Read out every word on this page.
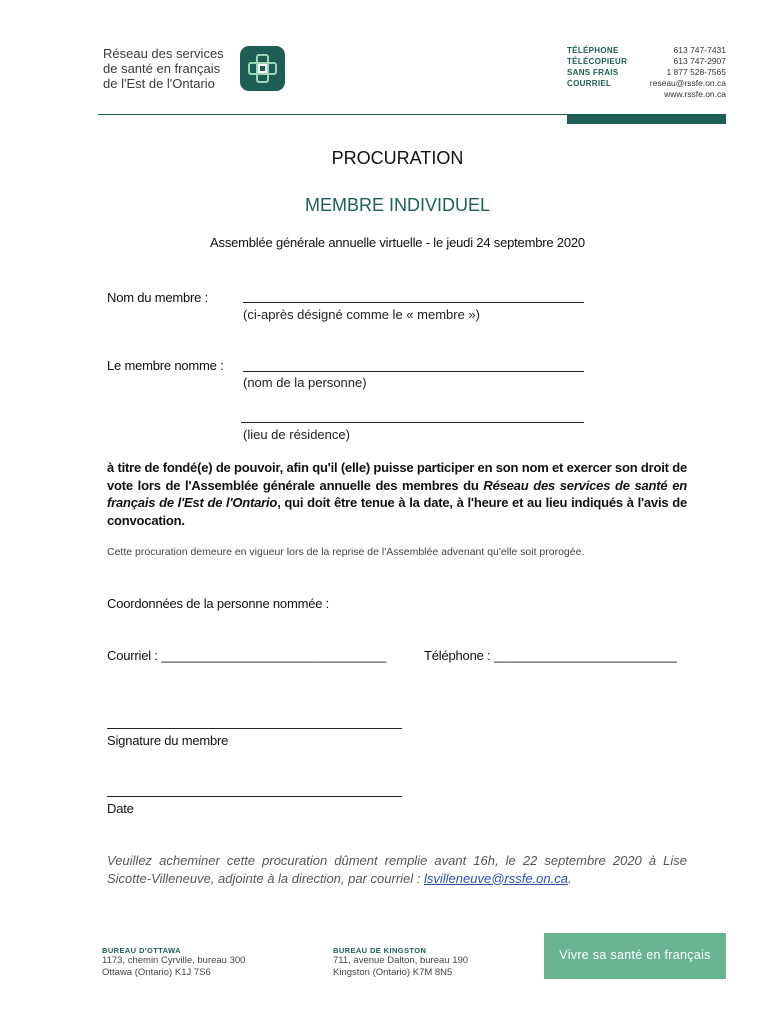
Réseau des services
de santé en français
de l'Est de l'Ontario
TÉLÉPHONE
TÉLÉCOPIEUR
SANS FRAIS
COURRIEL
613 747-7431
613 747-2907
1 877 528-7565
reseau@rssfe.on.ca
www.rssfe.on.ca
PROCURATION
MEMBRE INDIVIDUEL
Assemblée générale annuelle virtuelle - le jeudi 24 septembre 2020
Nom du membre :
(ci-après désigné comme le « membre »)
Le membre nomme :
(nom de la personne)
(lieu de résidence)
à titre de fondé(e) de pouvoir, afin qu'il (elle) puisse participer en son nom et exercer son droit de vote lors de l'Assemblée générale annuelle des membres du Réseau des services de santé en français de l'Est de l'Ontario, qui doit être tenue à la date, à l'heure et au lieu indiqués à l'avis de convocation.
Cette procuration demeure en vigueur lors de la reprise de l'Assemblée advenant qu'elle soit prorogée.
Coordonnées de la personne nommée :
Courriel : ________________________________	Téléphone : __________________________
Signature du membre
Date
Veuillez acheminer cette procuration dûment remplie avant 16h, le 22 septembre 2020 à Lise Sicotte-Villeneuve, adjointe à la direction, par courriel : lsvilleneuve@rssfe.on.ca.
BUREAU D'OTTAWA
1173, chemin Cyrville, bureau 300
Ottawa (Ontario) K1J 7S6
BUREAU DE KINGSTON
711, avenue Dalton, bureau 190
Kingston (Ontario) K7M 8N5
Vivre sa santé en français
